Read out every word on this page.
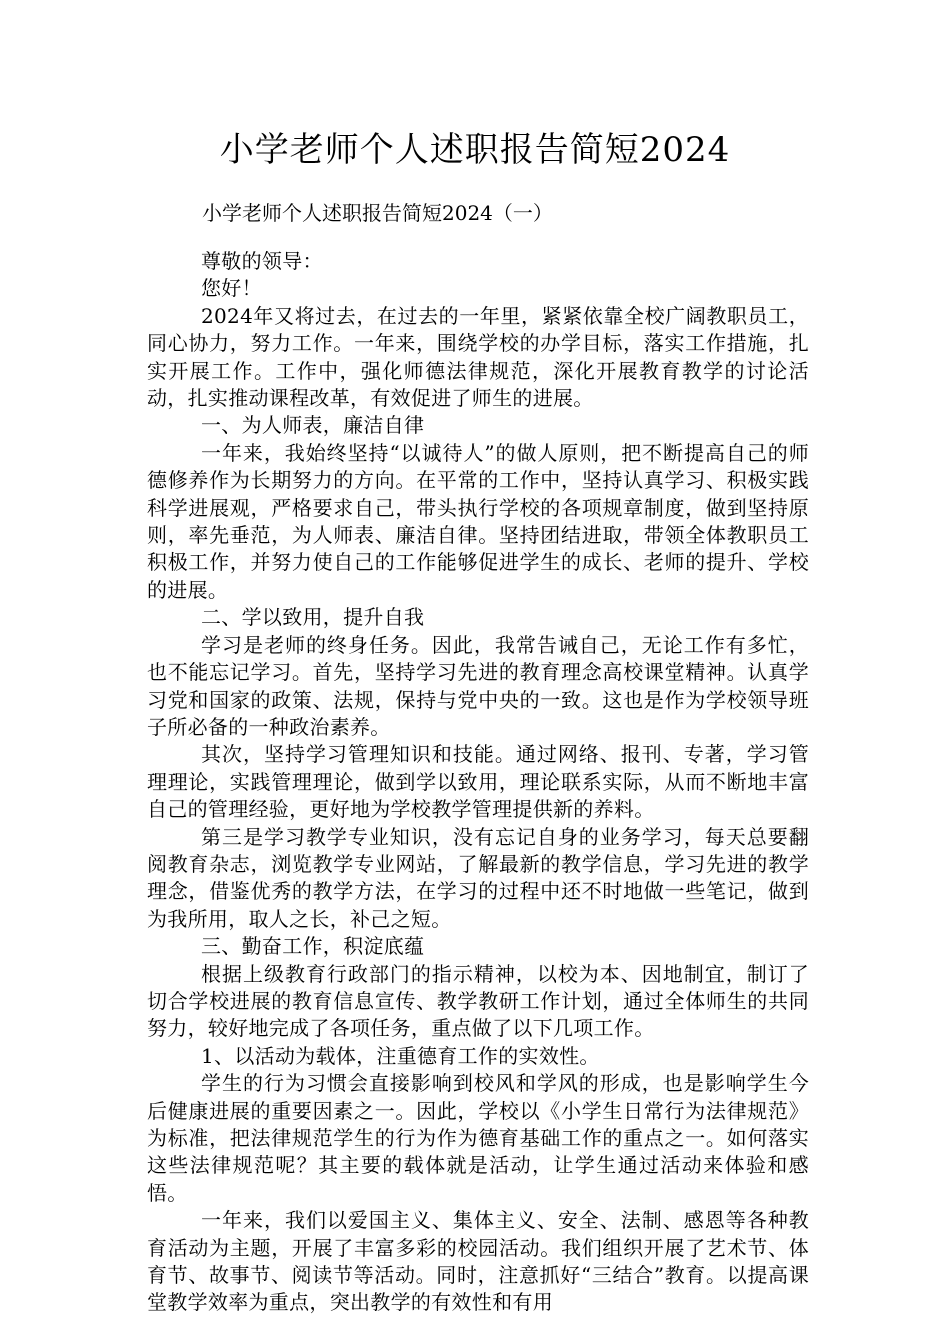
小学老师个人述职报告简短2024

小学老师个人述职报告简短2024（一）

尊敬的领导：

您好！

2024年又将过去，在过去的一年里，紧紧依靠全校广阔教职员工，同心协力，努力工作。一年来，围绕学校的办学目标，落实工作措施，扎实开展工作。工作中，强化师德法律规范，深化开展教育教学的讨论活动，扎实推动课程改革，有效促进了师生的进展。

一、为人师表，廉洁自律

一年来，我始终坚持“以诚待人”的做人原则，把不断提高自己的师德修养作为长期努力的方向。在平常的工作中，坚持认真学习、积极实践科学进展观，严格要求自己，带头执行学校的各项规章制度，做到坚持原则，率先垂范，为人师表、廉洁自律。坚持团结进取，带领全体教职员工积极工作，并努力使自己的工作能够促进学生的成长、老师的提升、学校的进展。

二、学以致用，提升自我

学习是老师的终身任务。因此，我常告诫自己，无论工作有多忙，也不能忘记学习。首先，坚持学习先进的教育理念高校课堂精神。认真学习党和国家的政策、法规，保持与党中央的一致。这也是作为学校领导班子所必备的一种政治素养。

其次，坚持学习管理知识和技能。通过网络、报刊、专著，学习管理理论，实践管理理论，做到学以致用，理论联系实际，从而不断地丰富自己的管理经验，更好地为学校教学管理提供新的养料。

第三是学习教学专业知识，没有忘记自身的业务学习，每天总要翻阅教育杂志，浏览教学专业网站，了解最新的教学信息，学习先进的教学理念，借鉴优秀的教学方法，在学习的过程中还不时地做一些笔记，做到为我所用，取人之长，补己之短。

三、勤奋工作，积淀底蕴

根据上级教育行政部门的指示精神，以校为本、因地制宜，制订了切合学校进展的教育信息宣传、教学教研工作计划，通过全体师生的共同努力，较好地完成了各项任务，重点做了以下几项工作。

1、以活动为载体，注重德育工作的实效性。

学生的行为习惯会直接影响到校风和学风的形成，也是影响学生今后健康进展的重要因素之一。因此，学校以《小学生日常行为法律规范》为标准，把法律规范学生的行为作为德育基础工作的重点之一。如何落实这些法律规范呢？其主要的载体就是活动，让学生通过活动来体验和感悟。

一年来，我们以爱国主义、集体主义、安全、法制、感恩等各种教育活动为主题，开展了丰富多彩的校园活动。我们组织开展了艺术节、体育节、故事节、阅读节等活动。同时，注意抓好“三结合”教育。以提高课堂教学效率为重点，突出教学的有效性和有用
